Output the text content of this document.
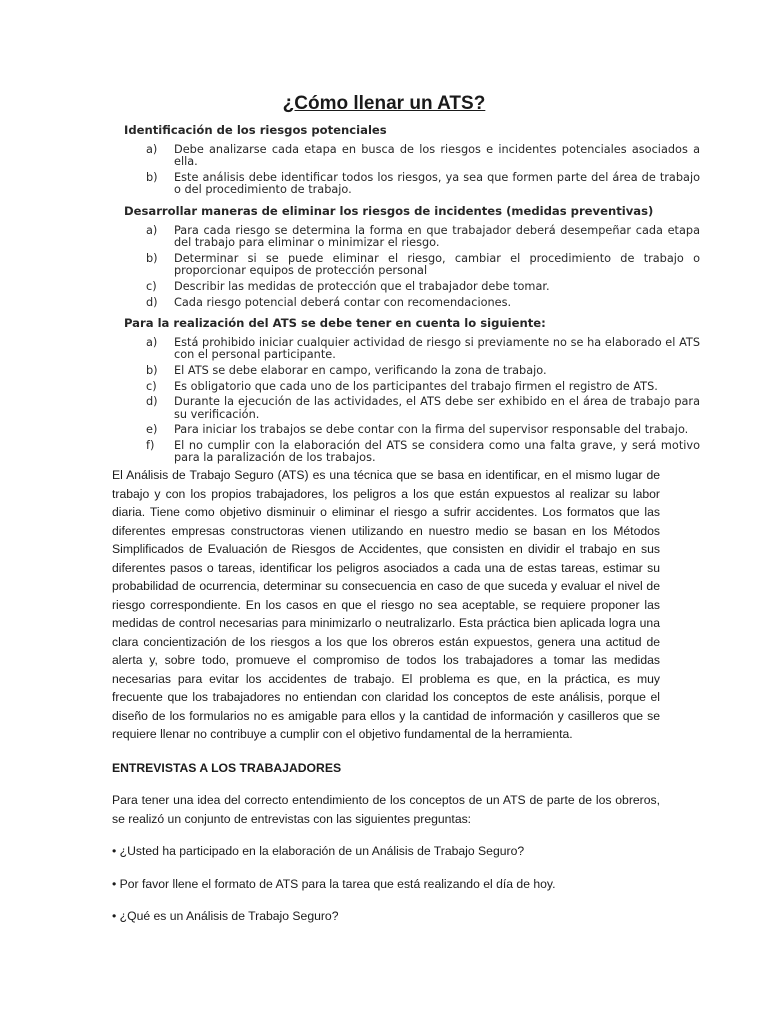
¿Cómo llenar un ATS?
Identificación de los riesgos potenciales
a)	Debe analizarse cada etapa en busca de los riesgos e incidentes potenciales asociados a ella.
b)	Este análisis debe identificar todos los riesgos, ya sea que formen parte del área de trabajo o del procedimiento de trabajo.
Desarrollar maneras de eliminar los riesgos de incidentes (medidas preventivas)
a)	Para cada riesgo se determina la forma en que trabajador deberá desempeñar cada etapa del trabajo para eliminar o minimizar el riesgo.
b)	Determinar si se puede eliminar el riesgo, cambiar el procedimiento de trabajo o proporcionar equipos de protección personal
c)	Describir las medidas de protección que el trabajador debe tomar.
d)	Cada riesgo potencial deberá contar con recomendaciones.
Para la realización del ATS se debe tener en cuenta lo siguiente:
a)	Está prohibido iniciar cualquier actividad de riesgo si previamente no se ha elaborado el ATS con el personal participante.
b)	El ATS se debe elaborar en campo, verificando la zona de trabajo.
c)	Es obligatorio que cada uno de los participantes del trabajo firmen el registro de ATS.
d)	Durante la ejecución de las actividades, el ATS debe ser exhibido en el área de trabajo para su verificación.
e)	Para iniciar los trabajos se debe contar con la firma del supervisor responsable del trabajo.
f)	El no cumplir con la elaboración del ATS se considera como una falta grave, y será motivo para la paralización de los trabajos.

El Análisis de Trabajo Seguro (ATS) es una técnica que se basa en identificar, en el mismo lugar de trabajo y con los propios trabajadores, los peligros a los que están expuestos al realizar su labor diaria. Tiene como objetivo disminuir o eliminar el riesgo a sufrir accidentes. Los formatos que las diferentes empresas constructoras vienen utilizando en nuestro medio se basan en los Métodos Simplificados de Evaluación de Riesgos de Accidentes, que consisten en dividir el trabajo en sus diferentes pasos o tareas, identificar los peligros asociados a cada una de estas tareas, estimar su probabilidad de ocurrencia, determinar su consecuencia en caso de que suceda y evaluar el nivel de riesgo correspondiente. En los casos en que el riesgo no sea aceptable, se requiere proponer las medidas de control necesarias para minimizarlo o neutralizarlo. Esta práctica bien aplicada logra una clara concientización de los riesgos a los que los obreros están expuestos, genera una actitud de alerta y, sobre todo, promueve el compromiso de todos los trabajadores a tomar las medidas necesarias para evitar los accidentes de trabajo. El problema es que, en la práctica, es muy frecuente que los trabajadores no entiendan con claridad los conceptos de este análisis, porque el diseño de los formularios no es amigable para ellos y la cantidad de información y casilleros que se requiere llenar no contribuye a cumplir con el objetivo fundamental de la herramienta.

ENTREVISTAS A LOS TRABAJADORES

Para tener una idea del correcto entendimiento de los conceptos de un ATS de parte de los obreros, se realizó un conjunto de entrevistas con las siguientes preguntas:

• ¿Usted ha participado en la elaboración de un Análisis de Trabajo Seguro?

• Por favor llene el formato de ATS para la tarea que está realizando el día de hoy.

• ¿Qué es un Análisis de Trabajo Seguro?
